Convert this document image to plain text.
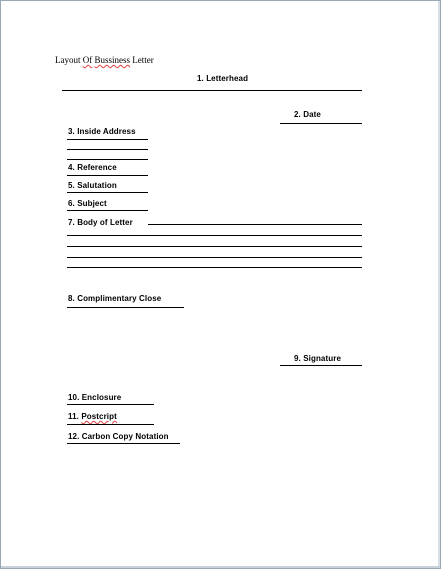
Layout Of Bussiness Letter
1. Letterhead
2. Date
3. Inside Address
4. Reference
5. Salutation
6. Subject
7. Body of Letter
8. Complimentary Close
9. Signature
10. Enclosure
11. Postcript
12. Carbon Copy Notation
